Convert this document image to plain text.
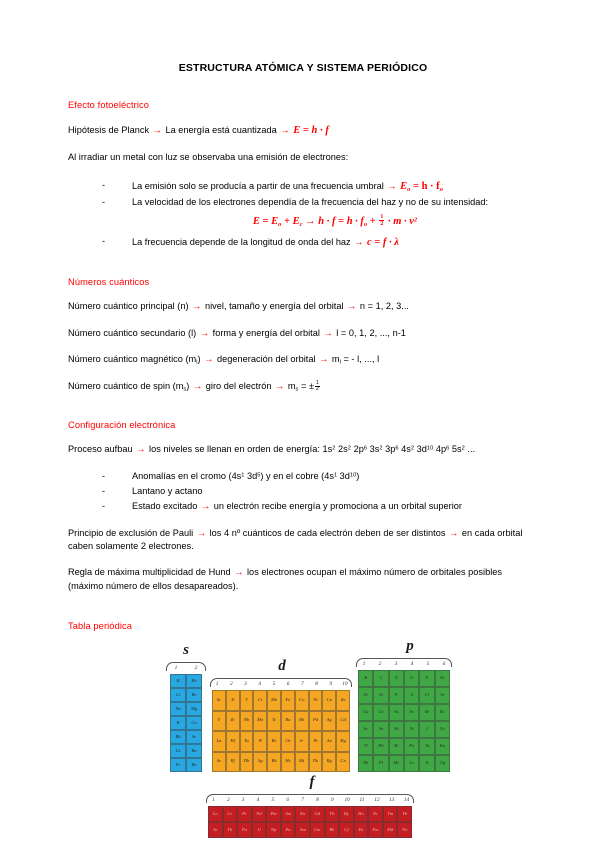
ESTRUCTURA ATÓMICA Y SISTEMA PERIÓDICO
Efecto fotoeléctrico

Hipótesis de Planck → La energía está cuantizada → E = h · f

Al irradiar un metal con luz se observaba una emisión de electrones:

- La emisión solo se producía a partir de una frecuencia umbral → $E_o = h \cdot f_o$
- La velocidad de los electrones dependía de la frecuencia del haz y no de su intensidad:
$E = E_o + E_c \to h \cdot f = h \cdot f_o + \frac{1}{2} \cdot m \cdot v^2$
- La frecuencia depende de la longitud de onda del haz → c = f · λ
Números cuánticos

Número cuántico principal (n) → nivel, tamaño y energía del orbital → n = 1, 2, 3...

Número cuántico secundario (l) → forma y energía del orbital → l = 0, 1, 2, ..., n-1

Número cuántico magnético $(m_l)$ → degeneración del orbital → $m_l$ = - l, ..., l

Número cuántico de spin $(m_s)$ → giro del electrón → $m_s$ = ± $\frac{1}{2}$

Configuración electrónica

Proceso aufbau → los niveles se llenan en orden de energía: $1s^2$ $2s^2$ $2p^6$ $3s^2$ $3p^6$ $4s^2$ $3d^{10}$ $4p^6$ $5s^2$ ...

- Anomalías en el cromo ($4s^1$ $3d^5$) y en el cobre ($4s^1$ $3d^{10}$)
- Lantano y actano
- Estado excitado → un electrón recibe energía y promociona a un orbital superior

Principio de exclusión de Pauli → los 4 nº cuánticos de cada electrón deben de ser distintos → en cada orbital caben solamente 2 electrones.

Regla de máxima multiplicidad de Hund → los electrones ocupan el máximo número de orbitales posibles (máximo número de ellos desapareados).

Tabla periódica
s
1	2
H	He
Li	Be
Na	Mg
K	Ca
Rb	Sr
Cs	Ba
Fr	Ra
d
1	2	3	4	5	6	7	8	9	10
Sc	Ti	V	Cr	Mn	Fe	Co	Ni	Cu	Zn
Y	Zr	Nb	Mo	Tc	Ru	Rh	Pd	Ag	Cd
La	Hf	Ta	W	Re	Os	Ir	Pt	Au	Hg
Ac	Rf	Db	Sg	Bh	Hs	Mt	Ds	Rg	Cn
p
1	2	3	4	5	6
B	C	N	O	F	Ne
Al	Si	P	S	Cl	Ar
Ga	Ge	As	Se	Br	Kr
In	Sn	Sb	Te	I	Xe
Tl	Pb	Bi	Po	At	Rn
Nh	Fl	Mc	Lv	Ts	Og
f
1	2	3	4	5	6	7	8	9	10	11	12	13	14
La	Ce	Pr	Nd	Pm	Sm	Eu	Gd	Tb	Dy	Ho	Er	Tm	Yb
Ac	Th	Pa	U	Np	Pu	Am	Cm	Bk	Cf	Es	Fm	Md	No
